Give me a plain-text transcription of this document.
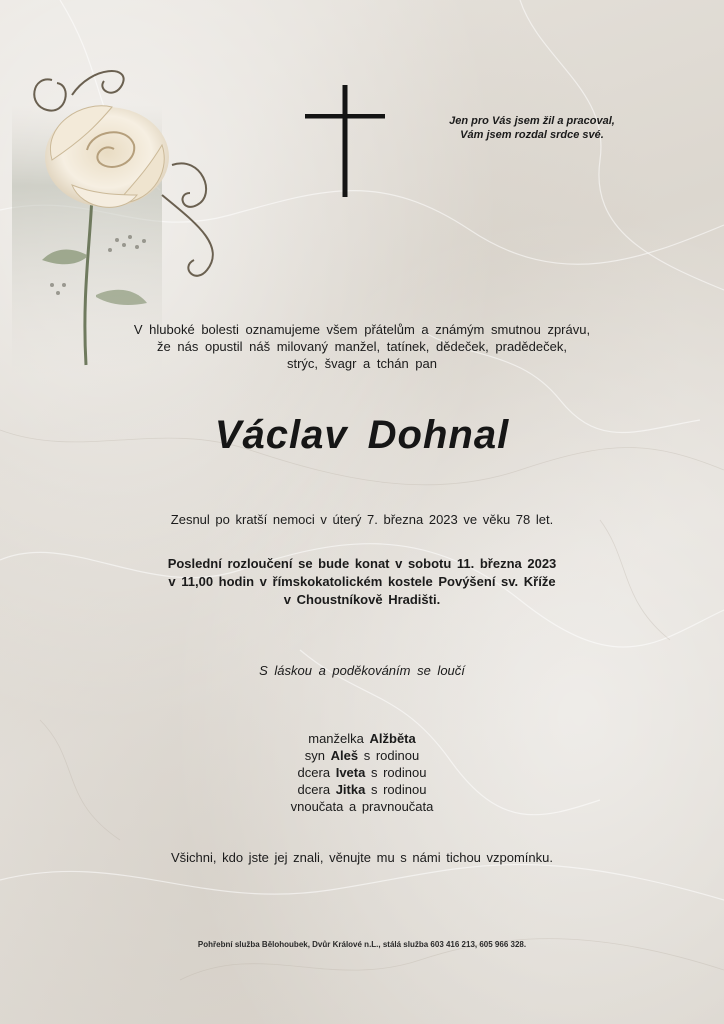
Jen pro Vás jsem žil a pracoval,
Vám jsem rozdal srdce své.
V hluboké bolesti oznamujeme všem přátelům a známým smutnou zprávu,
že nás opustil náš milovaný manžel, tatínek, dědeček, pradědeček,
strýc, švagr a tchán pan
Václav Dohnal
Zesnul po kratší nemoci v úterý 7. března 2023 ve věku 78 let.
Poslední rozloučení se bude konat v sobotu 11. března 2023
v 11,00 hodin v římskokatolickém kostele Povýšení sv. Kříže
v Choustníkově Hradišti.
S láskou a poděkováním se loučí
manželka Alžběta
syn Aleš s rodinou
dcera Iveta s rodinou
dcera Jitka s rodinou
vnoučata a pravnoučata
Všichni, kdo jste jej znali, věnujte mu s námi tichou vzpomínku.
Pohřební služba Bělohoubek, Dvůr Králové n.L., stálá služba 603 416 213, 605 966 328.
